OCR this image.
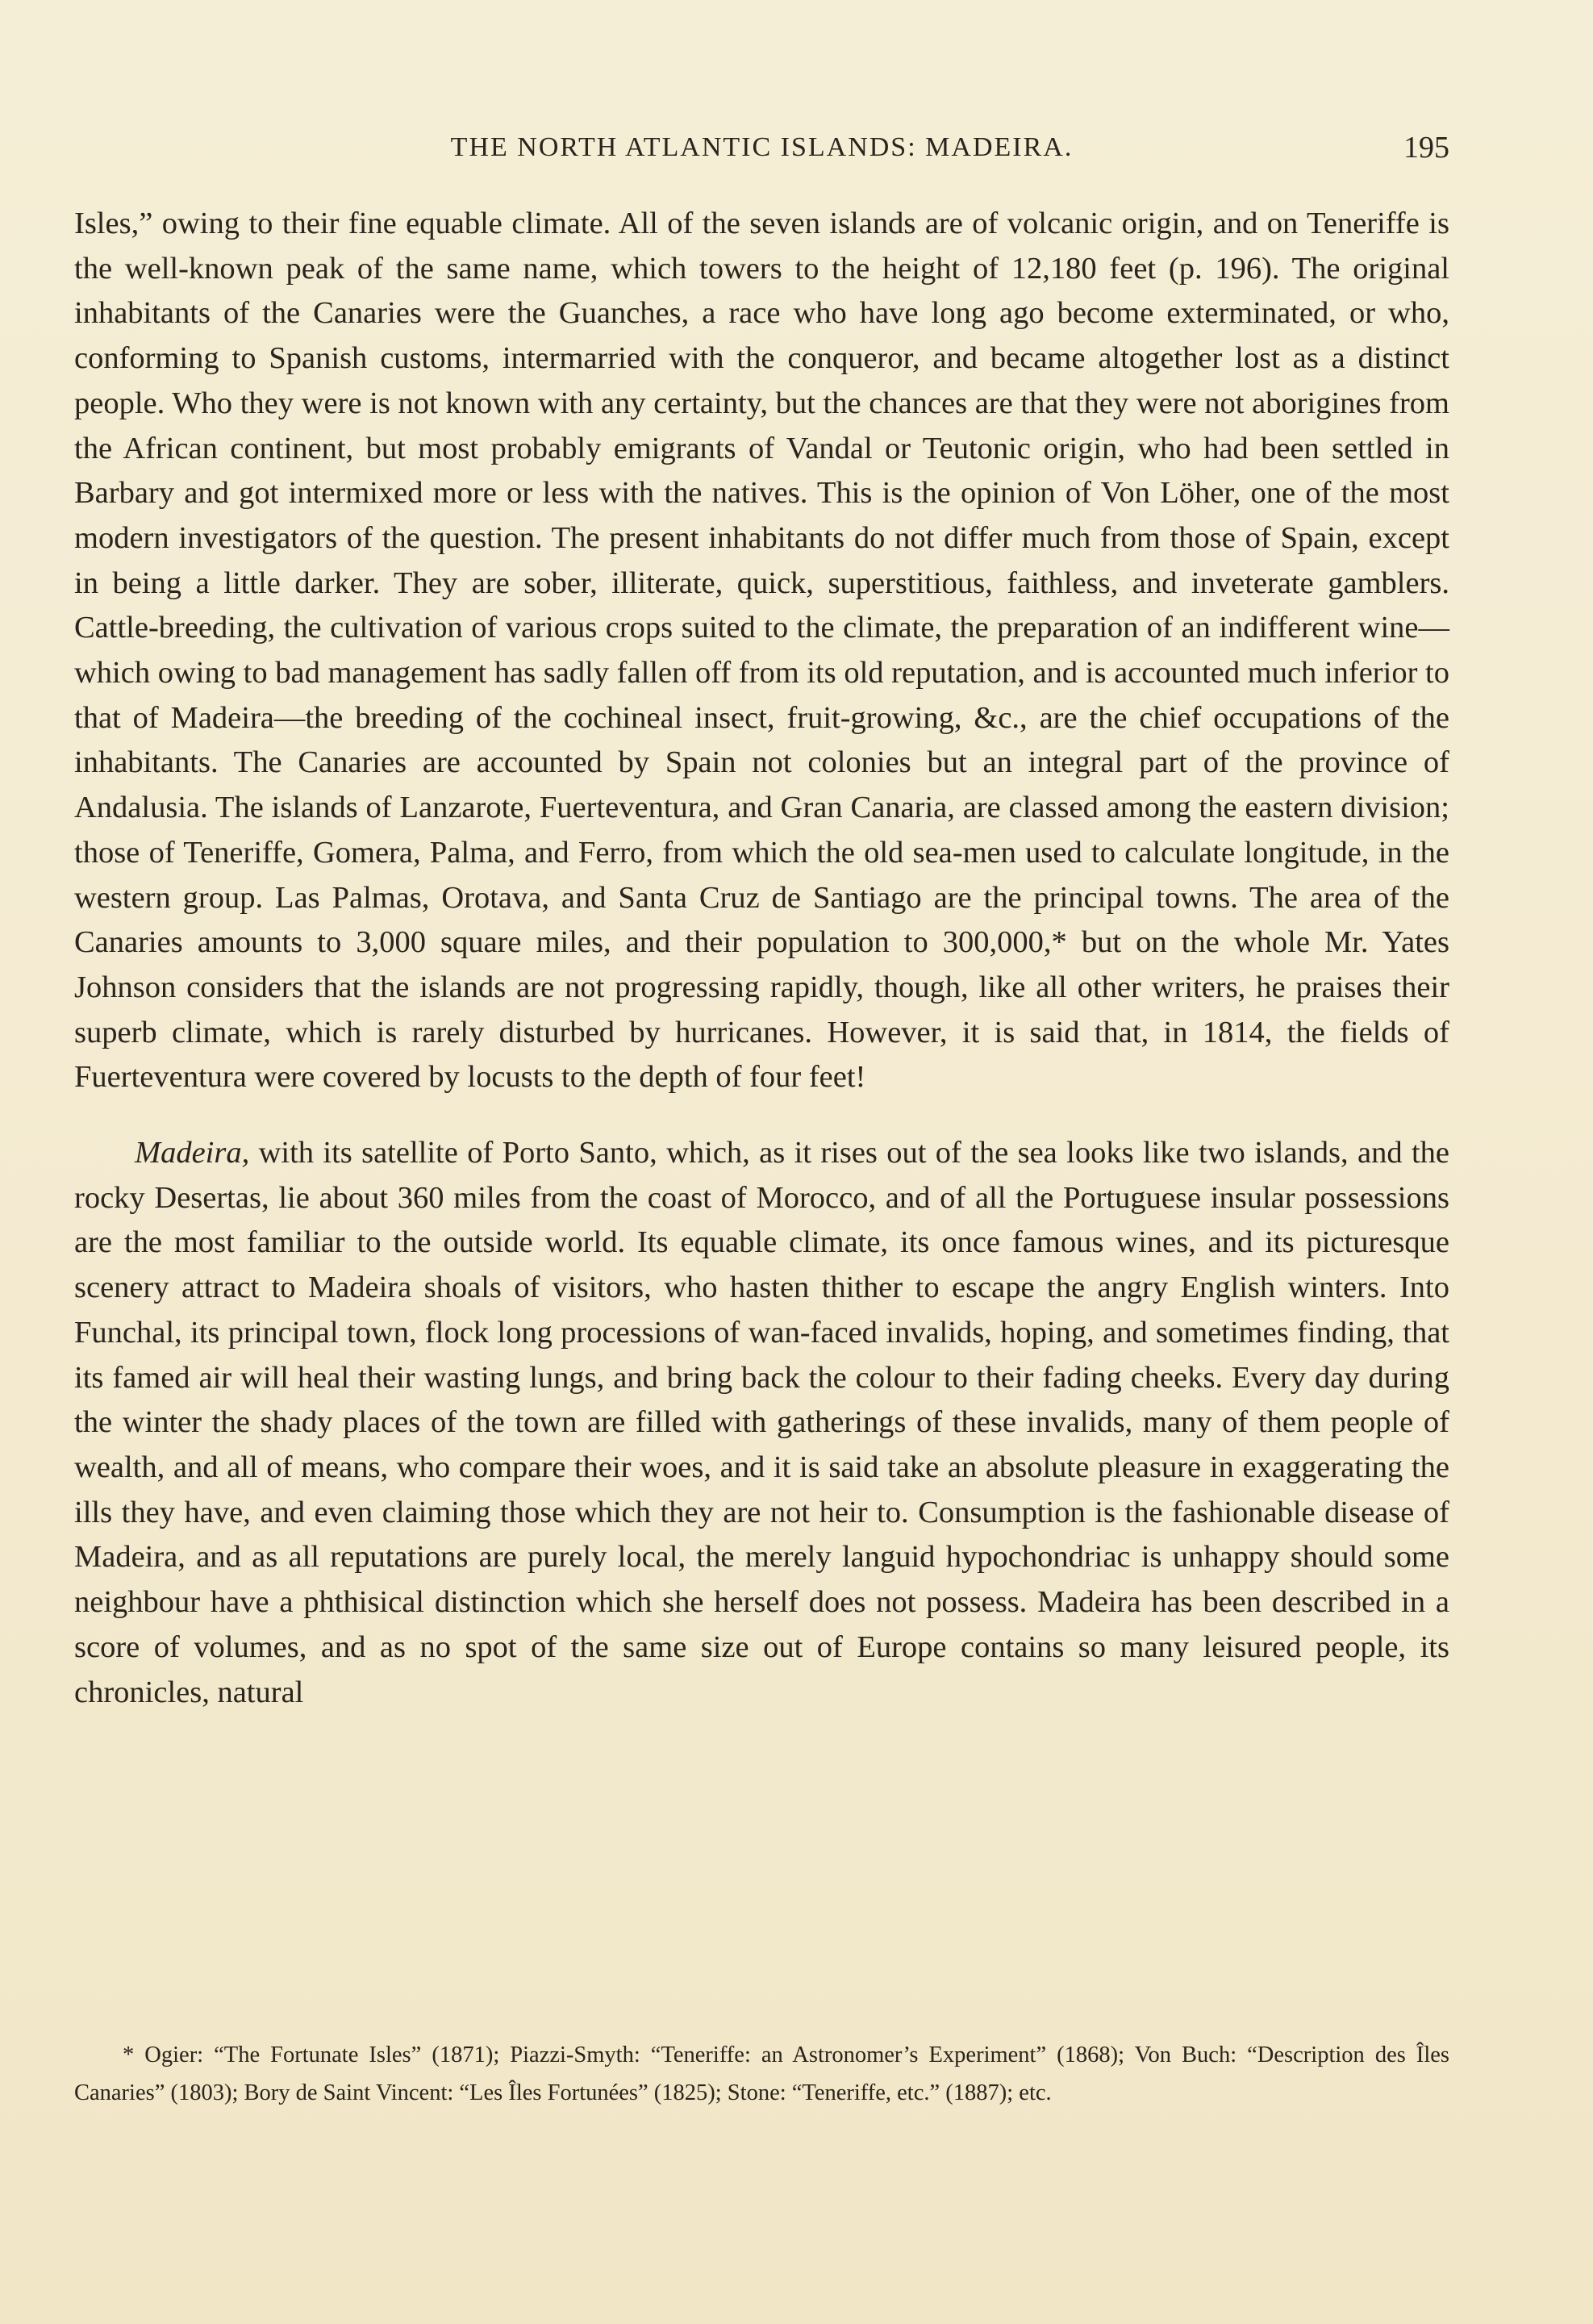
THE NORTH ATLANTIC ISLANDS: MADEIRA.	195

Isles,” owing to their fine equable climate. All of the seven islands are of volcanic origin, and on Teneriffe is the well-known peak of the same name, which towers to the height of 12,180 feet (p. 196). The original inhabitants of the Canaries were the Guanches, a race who have long ago become exterminated, or who, conforming to Spanish customs, intermarried with the conqueror, and became altogether lost as a distinct people. Who they were is not known with any certainty, but the chances are that they were not aborigines from the African continent, but most probably emigrants of Vandal or Teutonic origin, who had been settled in Barbary and got intermixed more or less with the natives. This is the opinion of Von Löher, one of the most modern investigators of the question. The present inhabitants do not differ much from those of Spain, except in being a little darker. They are sober, illiterate, quick, superstitious, faithless, and inveterate gamblers. Cattle-breeding, the cultivation of various crops suited to the climate, the preparation of an indifferent wine—which owing to bad management has sadly fallen off from its old reputation, and is accounted much inferior to that of Madeira—the breeding of the cochineal insect, fruit-growing, &c., are the chief occupations of the inhabitants. The Canaries are accounted by Spain not colonies but an integral part of the province of Andalusia. The islands of Lanzarote, Fuerteventura, and Gran Canaria, are classed among the eastern division; those of Teneriffe, Gomera, Palma, and Ferro, from which the old sea-men used to calculate longitude, in the western group. Las Palmas, Orotava, and Santa Cruz de Santiago are the principal towns. The area of the Canaries amounts to 3,000 square miles, and their population to 300,000,* but on the whole Mr. Yates Johnson considers that the islands are not progressing rapidly, though, like all other writers, he praises their superb climate, which is rarely disturbed by hurricanes. However, it is said that, in 1814, the fields of Fuerteventura were covered by locusts to the depth of four feet!

Madeira, with its satellite of Porto Santo, which, as it rises out of the sea looks like two islands, and the rocky Desertas, lie about 360 miles from the coast of Morocco, and of all the Portuguese insular possessions are the most familiar to the outside world. Its equable climate, its once famous wines, and its picturesque scenery attract to Madeira shoals of visitors, who hasten thither to escape the angry English winters. Into Funchal, its principal town, flock long processions of wan-faced invalids, hoping, and sometimes finding, that its famed air will heal their wasting lungs, and bring back the colour to their fading cheeks. Every day during the winter the shady places of the town are filled with gatherings of these invalids, many of them people of wealth, and all of means, who compare their woes, and it is said take an absolute pleasure in exaggerating the ills they have, and even claiming those which they are not heir to. Consumption is the fashionable disease of Madeira, and as all reputations are purely local, the merely languid hypochondriac is unhappy should some neighbour have a phthisical distinction which she herself does not possess. Madeira has been described in a score of volumes, and as no spot of the same size out of Europe contains so many leisured people, its chronicles, natural

* Ogier: “The Fortunate Isles” (1871); Piazzi-Smyth: “Teneriffe: an Astronomer’s Experiment” (1868); Von Buch: “Description des Îles Canaries” (1803); Bory de Saint Vincent: “Les Îles Fortunées” (1825); Stone: “Teneriffe, etc.” (1887); etc.
